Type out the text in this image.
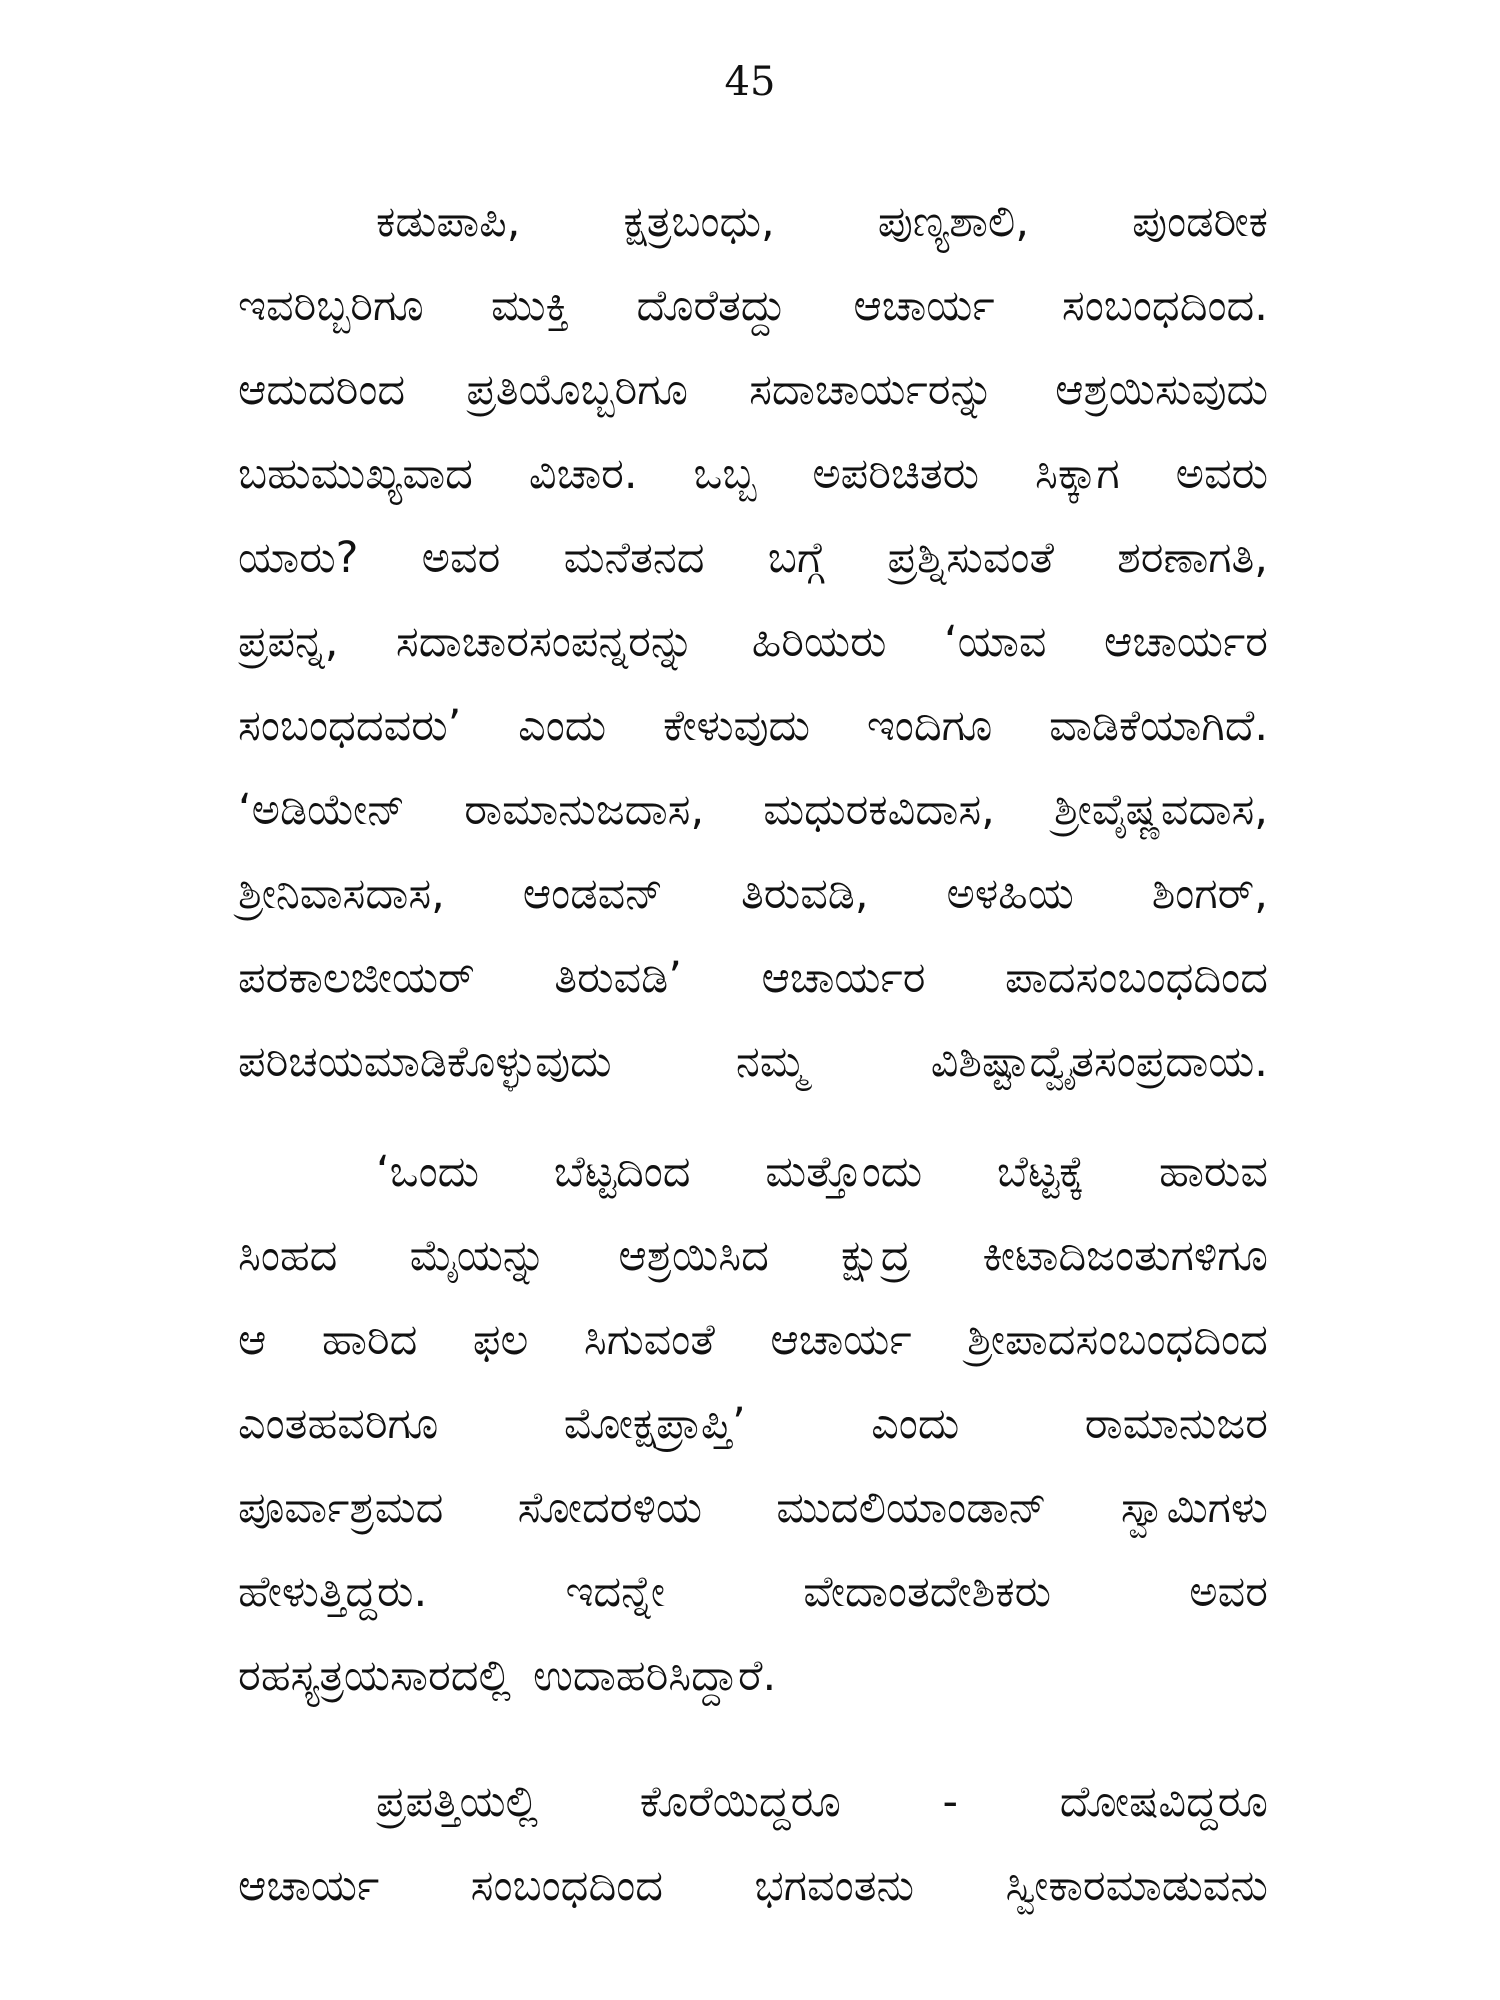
45
ಕಡುಪಾಪಿ, ಕ್ಷತ್ರಬಂಧು, ಪುಣ್ಯಶಾಲಿ, ಪುಂಡರೀಕ
ಇವರಿಬ್ಬರಿಗೂ ಮುಕ್ತಿ ದೊರೆತದ್ದು ಆಚಾರ್ಯ ಸಂಬಂಧದಿಂದ.
ಆದುದರಿಂದ ಪ್ರತಿಯೊಬ್ಬರಿಗೂ ಸದಾಚಾರ್ಯರನ್ನು ಆಶ್ರಯಿಸುವುದು
ಬಹುಮುಖ್ಯವಾದ ವಿಚಾರ. ಒಬ್ಬ ಅಪರಿಚಿತರು ಸಿಕ್ಕಾಗ ಅವರು
ಯಾರು? ಅವರ ಮನೆತನದ ಬಗ್ಗೆ ಪ್ರಶ್ನಿಸುವಂತೆ ಶರಣಾಗತಿ,
ಪ್ರಪನ್ನ, ಸದಾಚಾರಸಂಪನ್ನರನ್ನು ಹಿರಿಯರು ‘ಯಾವ ಆಚಾರ್ಯರ
ಸಂಬಂಧದವರು’ ಎಂದು ಕೇಳುವುದು ಇಂದಿಗೂ ವಾಡಿಕೆಯಾಗಿದೆ.
‘ಅಡಿಯೇನ್ ರಾಮಾನುಜದಾಸ, ಮಧುರಕವಿದಾಸ, ಶ್ರೀವೈಷ್ಣವದಾಸ,
ಶ್ರೀನಿವಾಸದಾಸ, ಆಂಡವನ್ ತಿರುವಡಿ, ಅಳಹಿಯ ಶಿಂಗರ್,
ಪರಕಾಲಜೀಯರ್ ತಿರುವಡಿ’ ಆಚಾರ್ಯರ ಪಾದಸಂಬಂಧದಿಂದ
ಪರಿಚಯಮಾಡಿಕೊಳ್ಳುವುದು	ನಮ್ಮ	ವಿಶಿಷ್ಟಾದ್ವೈತಸಂಪ್ರದಾಯ.
‘ಒಂದು ಬೆಟ್ಟದಿಂದ ಮತ್ತೊಂದು ಬೆಟ್ಟಕ್ಕೆ ಹಾರುವ
ಸಿಂಹದ ಮೈಯನ್ನು ಆಶ್ರಯಿಸಿದ ಕ್ಷುದ್ರ ಕೀಟಾದಿಜಂತುಗಳಿಗೂ
ಆ ಹಾರಿದ ಫಲ ಸಿಗುವಂತೆ ಆಚಾರ್ಯ ಶ್ರೀಪಾದಸಂಬಂಧದಿಂದ
ಎಂತಹವರಿಗೂ	ಮೋಕ್ಷಪ್ರಾಪ್ತಿ’	ಎಂದು	ರಾಮಾನುಜರ
ಪೂರ್ವಾಶ್ರಮದ ಸೋದರಳಿಯ ಮುದಲಿಯಾಂಡಾನ್ ಸ್ವಾಮಿಗಳು
ಹೇಳುತ್ತಿದ್ದರು.	ಇದನ್ನೇ	ವೇದಾಂತದೇಶಿಕರು	ಅವರ
ರಹಸ್ಯತ್ರಯಸಾರದಲ್ಲಿ ಉದಾಹರಿಸಿದ್ದಾರೆ.
ಪ್ರಪತ್ತಿಯಲ್ಲಿ ಕೊರೆಯಿದ್ದರೂ - ದೋಷವಿದ್ದರೂ
ಆಚಾರ್ಯ ಸಂಬಂಧದಿಂದ ಭಗವಂತನು ಸ್ವೀಕಾರಮಾಡುವನು
